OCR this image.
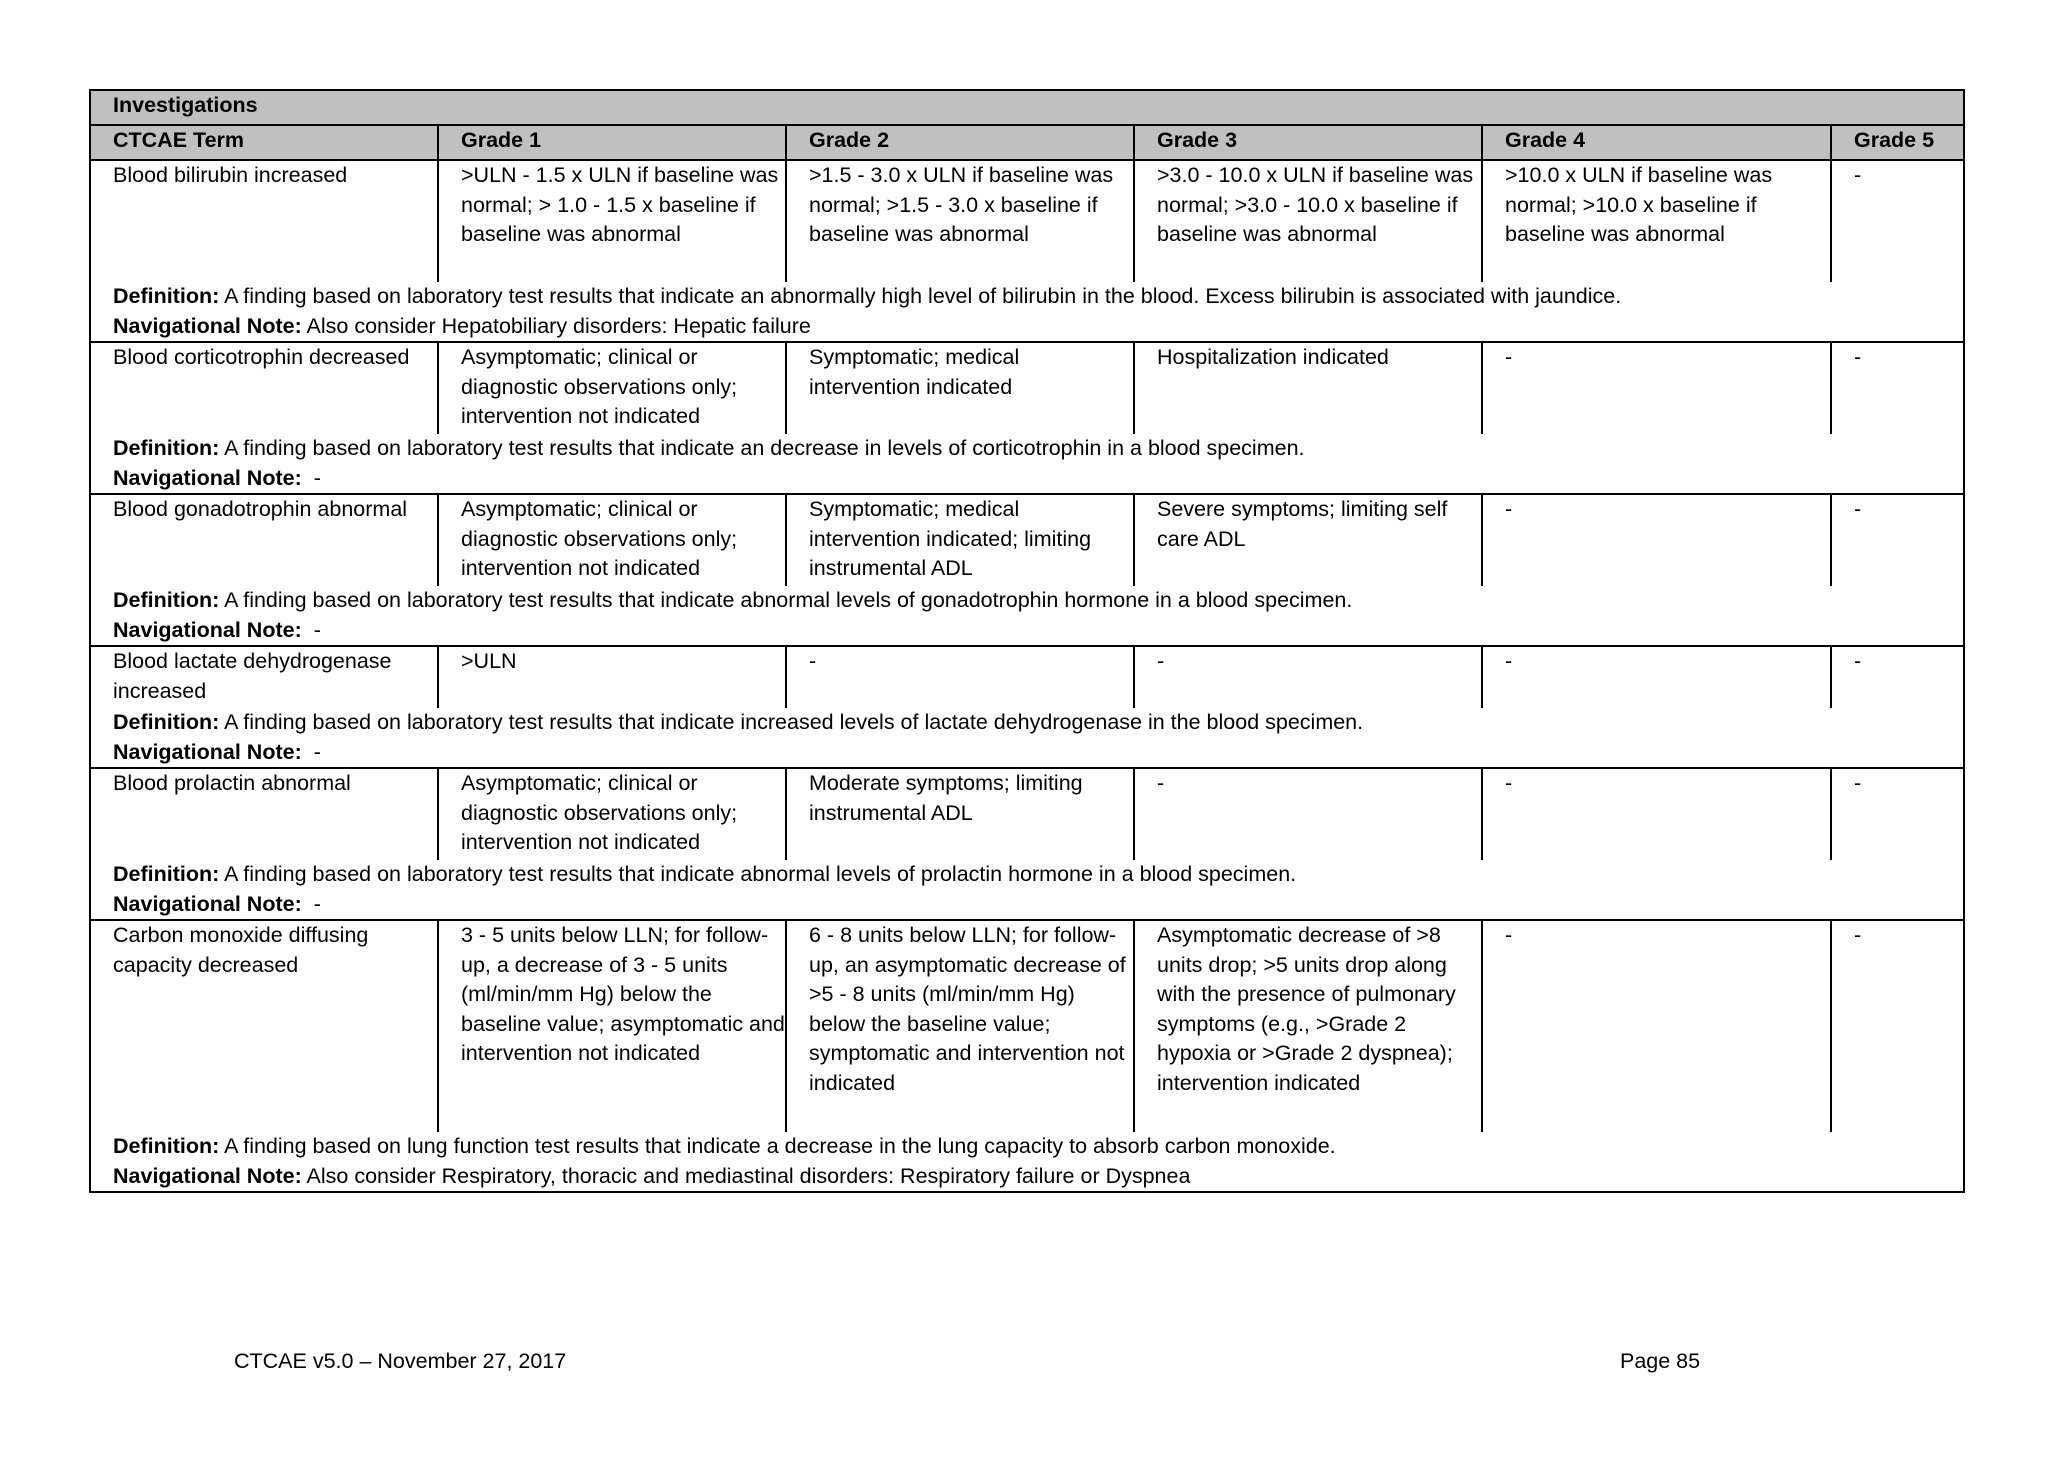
Investigations					
CTCAE Term	Grade 1	Grade 2	Grade 3	Grade 4	Grade 5
Blood bilirubin increased	>ULN - 1.5 x ULN if baseline was normal; > 1.0 - 1.5 x baseline if baseline was abnormal	>1.5 - 3.0 x ULN if baseline was normal; >1.5 - 3.0 x baseline if baseline was abnormal	>3.0 - 10.0 x ULN if baseline was normal; >3.0 - 10.0 x baseline if baseline was abnormal	>10.0 x ULN if baseline was normal; >10.0 x baseline if baseline was abnormal	-
Definition: A finding based on laboratory test results that indicate an abnormally high level of bilirubin in the blood. Excess bilirubin is associated with jaundice.					
Navigational Note: Also consider Hepatobiliary disorders: Hepatic failure					
Blood corticotrophin decreased	Asymptomatic; clinical or diagnostic observations only; intervention not indicated	Symptomatic; medical intervention indicated	Hospitalization indicated	-	-
Definition: A finding based on laboratory test results that indicate an decrease in levels of corticotrophin in a blood specimen.					
Navigational Note:  -					
Blood gonadotrophin abnormal	Asymptomatic; clinical or diagnostic observations only; intervention not indicated	Symptomatic; medical intervention indicated; limiting instrumental ADL	Severe symptoms; limiting self care ADL	-	-
Definition: A finding based on laboratory test results that indicate abnormal levels of gonadotrophin hormone in a blood specimen.					
Navigational Note:  -					
Blood lactate dehydrogenase increased	>ULN	-	-	-	-
Definition: A finding based on laboratory test results that indicate increased levels of lactate dehydrogenase in the blood specimen.					
Navigational Note:  -					
Blood prolactin abnormal	Asymptomatic; clinical or diagnostic observations only; intervention not indicated	Moderate symptoms; limiting instrumental ADL	-	-	-
Definition: A finding based on laboratory test results that indicate abnormal levels of prolactin hormone in a blood specimen.					
Navigational Note:  -					
Carbon monoxide diffusing capacity decreased	3 - 5 units below LLN; for follow-up, a decrease of 3 - 5 units (ml/min/mm Hg) below the baseline value; asymptomatic and intervention not indicated	6 - 8 units below LLN; for follow-up, an asymptomatic decrease of >5 - 8 units (ml/min/mm Hg) below the baseline value; symptomatic and intervention not indicated	Asymptomatic decrease of >8 units drop; >5 units drop along with the presence of pulmonary symptoms (e.g., >Grade 2 hypoxia or >Grade 2 dyspnea); intervention indicated	-	-
Definition: A finding based on lung function test results that indicate a decrease in the lung capacity to absorb carbon monoxide.					
Navigational Note: Also consider Respiratory, thoracic and mediastinal disorders: Respiratory failure or Dyspnea					
CTCAE v5.0 – November 27, 2017	Page 85
